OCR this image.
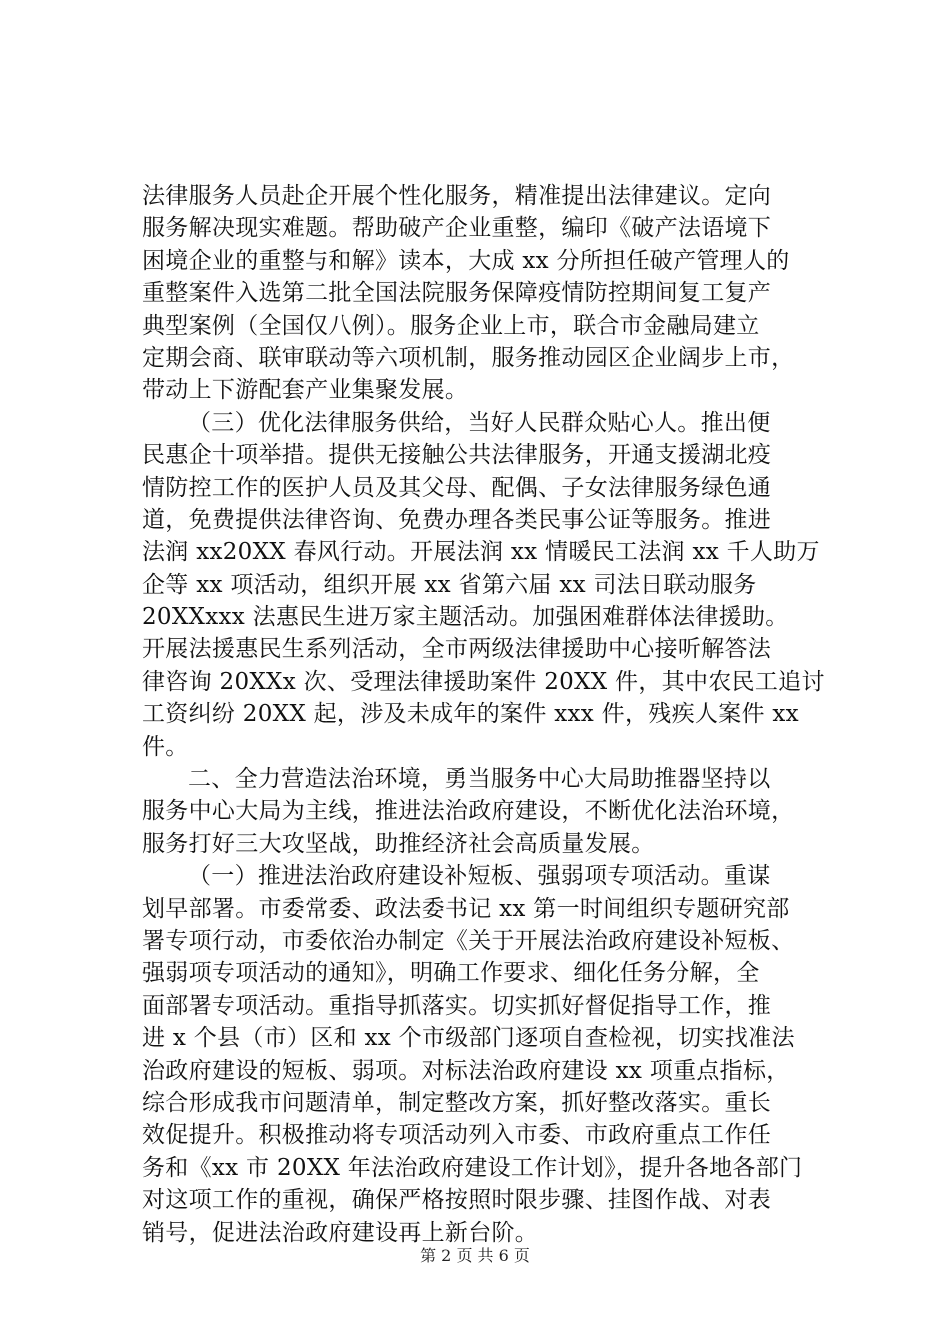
法律服务人员赴企开展个性化服务，精准提出法律建议。定向
服务解决现实难题。帮助破产企业重整，编印《破产法语境下
困境企业的重整与和解》读本，大成 xx 分所担任破产管理人的
重整案件入选第二批全国法院服务保障疫情防控期间复工复产
典型案例（全国仅八例）。服务企业上市，联合市金融局建立
定期会商、联审联动等六项机制，服务推动园区企业阔步上市，
带动上下游配套产业集聚发展。
（三）优化法律服务供给，当好人民群众贴心人。推出便
民惠企十项举措。提供无接触公共法律服务，开通支援湖北疫
情防控工作的医护人员及其父母、配偶、子女法律服务绿色通
道，免费提供法律咨询、免费办理各类民事公证等服务。推进
法润 xx20XX 春风行动。开展法润 xx 情暖民工法润 xx 千人助万
企等 xx 项活动，组织开展 xx 省第六届 xx 司法日联动服务
20XXxxx 法惠民生进万家主题活动。加强困难群体法律援助。
开展法援惠民生系列活动，全市两级法律援助中心接听解答法
律咨询 20XXx 次、受理法律援助案件 20XX 件，其中农民工追讨
工资纠纷 20XX 起，涉及未成年的案件 xxx 件，残疾人案件 xx
件。
二、全力营造法治环境，勇当服务中心大局助推器坚持以
服务中心大局为主线，推进法治政府建设，不断优化法治环境，
服务打好三大攻坚战，助推经济社会高质量发展。
（一）推进法治政府建设补短板、强弱项专项活动。重谋
划早部署。市委常委、政法委书记 xx 第一时间组织专题研究部
署专项行动，市委依治办制定《关于开展法治政府建设补短板、
强弱项专项活动的通知》，明确工作要求、细化任务分解，全
面部署专项活动。重指导抓落实。切实抓好督促指导工作，推
进 x 个县（市）区和 xx 个市级部门逐项自查检视，切实找准法
治政府建设的短板、弱项。对标法治政府建设 xx 项重点指标，
综合形成我市问题清单，制定整改方案，抓好整改落实。重长
效促提升。积极推动将专项活动列入市委、市政府重点工作任
务和《xx 市 20XX 年法治政府建设工作计划》，提升各地各部门
对这项工作的重视，确保严格按照时限步骤、挂图作战、对表
销号，促进法治政府建设再上新台阶。
第 2 页 共 6 页
